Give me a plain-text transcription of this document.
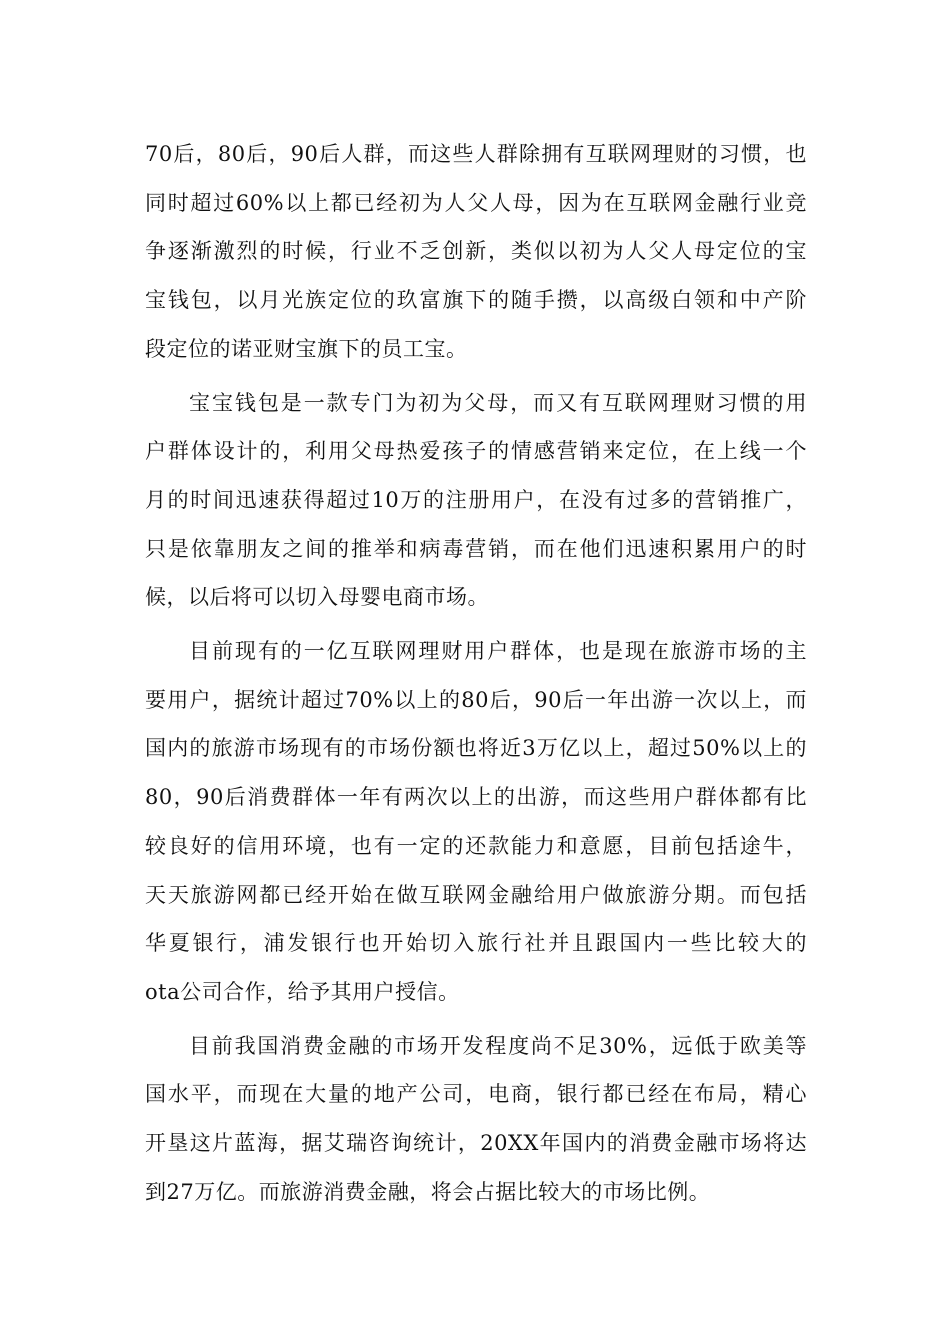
70后，80后，90后人群，而这些人群除拥有互联网理财的习惯，也
同时超过60%以上都已经初为人父人母，因为在互联网金融行业竞
争逐渐激烈的时候，行业不乏创新，类似以初为人父人母定位的宝
宝钱包，以月光族定位的玖富旗下的随手攒，以高级白领和中产阶
段定位的诺亚财宝旗下的员工宝。
宝宝钱包是一款专门为初为父母，而又有互联网理财习惯的用
户群体设计的，利用父母热爱孩子的情感营销来定位，在上线一个
月的时间迅速获得超过10万的注册用户，在没有过多的营销推广，
只是依靠朋友之间的推举和病毒营销，而在他们迅速积累用户的时
候，以后将可以切入母婴电商市场。
目前现有的一亿互联网理财用户群体，也是现在旅游市场的主
要用户，据统计超过70%以上的80后，90后一年出游一次以上，而
国内的旅游市场现有的市场份额也将近3万亿以上，超过50%以上的
80，90后消费群体一年有两次以上的出游，而这些用户群体都有比
较良好的信用环境，也有一定的还款能力和意愿，目前包括途牛，
天天旅游网都已经开始在做互联网金融给用户做旅游分期。而包括
华夏银行，浦发银行也开始切入旅行社并且跟国内一些比较大的
ota公司合作，给予其用户授信。
目前我国消费金融的市场开发程度尚不足30%，远低于欧美等
国水平，而现在大量的地产公司，电商，银行都已经在布局，精心
开垦这片蓝海，据艾瑞咨询统计，20XX年国内的消费金融市场将达
到27万亿。而旅游消费金融，将会占据比较大的市场比例。
